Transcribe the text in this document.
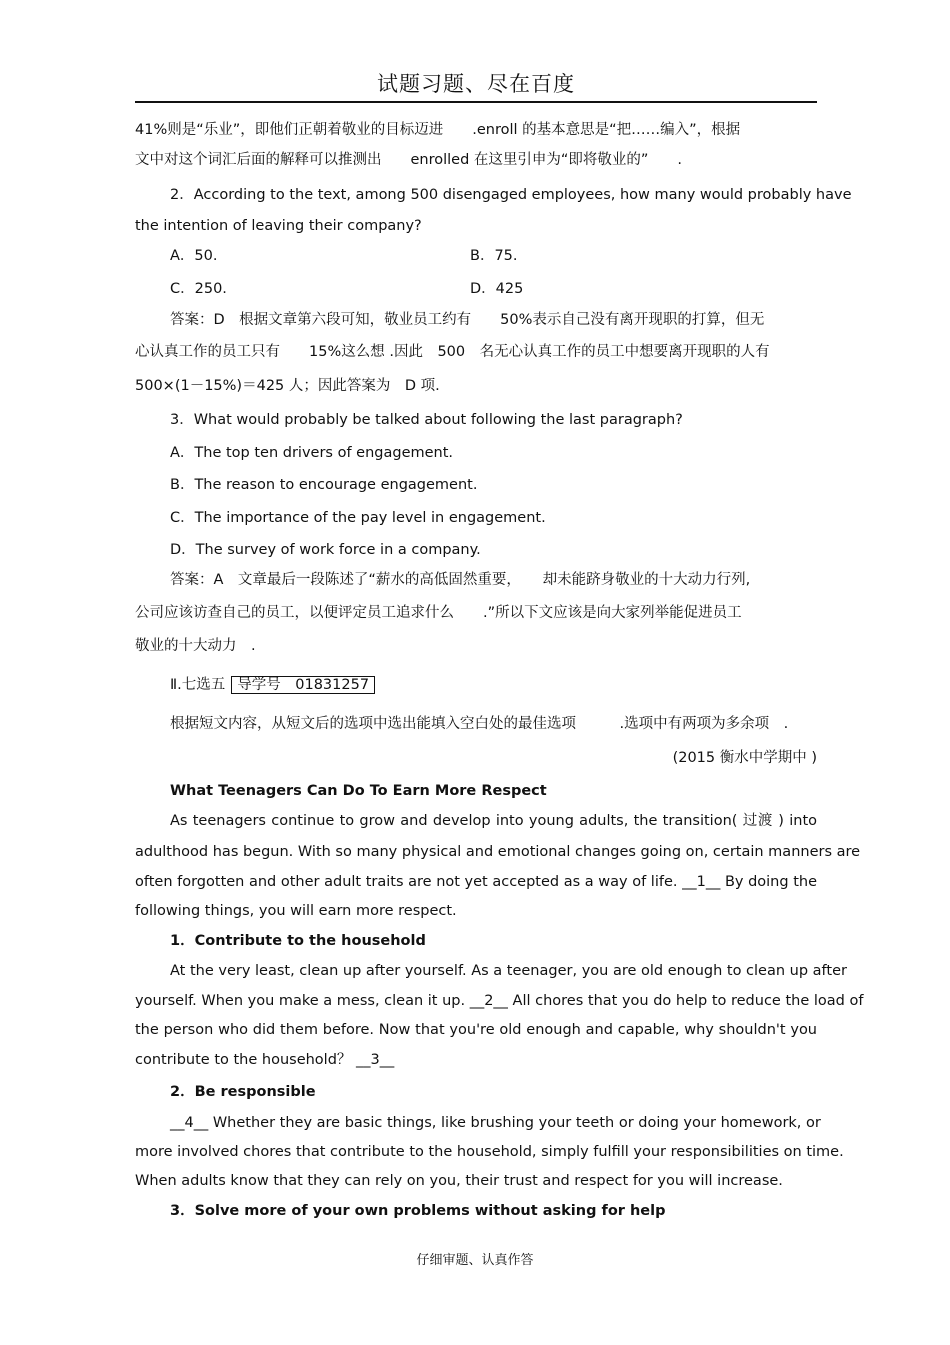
试题习题、尽在百度
41%则是“乐业”，即他们正朝着敬业的目标迈进　　.enroll 的基本意思是“把……编入”，根据
文中对这个词汇后面的解释可以推测出　　enrolled 在这里引申为“即将敬业的”　　.
2．According to the text, among 500 disengaged employees, how many would probably have
the intention of leaving their company?
A．50.	B．75.
C．250.	D．425
答案：D　根据文章第六段可知，敬业员工约有　　50%表示自己没有离开现职的打算，但无
心认真工作的员工只有　　15%这么想 .因此　500　名无心认真工作的员工中想要离开现职的人有
500×(1－15%)＝425 人；因此答案为　D 项.
3．What would probably be talked about following the last paragraph?
A．The top ten drivers of engagement.
B．The reason to encourage engagement.
C．The importance of the pay level in engagement.
D．The survey of work force in a company.
答案：A　文章最后一段陈述了“薪水的高低固然重要，　　却未能跻身敬业的十大动力行列,
公司应该访查自己的员工，以便评定员工追求什么　　.”所以下文应该是向大家列举能促进员工
敬业的十大动力　.
Ⅱ.七选五 导学号　01831257
根据短文内容，从短文后的选项中选出能填入空白处的最佳选项　　　.选项中有两项为多余项　.
(2015 衡水中学期中 )
What Teenagers Can Do To Earn More Respect
As teenagers continue to grow and develop into young adults, the transition( 过渡 ) into
adulthood has begun. With so many physical and emotional changes going on, certain manners are
often forgotten and other adult traits are not yet accepted as a way of life. __1__ By doing the
following things, you will earn more respect.
1．Contribute to the household
At the very least, clean up after yourself. As a teenager, you are old enough to clean up after
yourself. When you make a mess, clean it up. __2__ All chores that you do help to reduce the load of
the person who did them before. Now that you're old enough and capable, why shouldn't you
contribute to the household？ __3__
2．Be responsible
__4__ Whether they are basic things, like brushing your teeth or doing your homework, or
more involved chores that contribute to the household, simply fulfill your responsibilities on time.
When adults know that they can rely on you, their trust and respect for you will increase.
3．Solve more of your own problems without asking for help
仔细审题、认真作答
